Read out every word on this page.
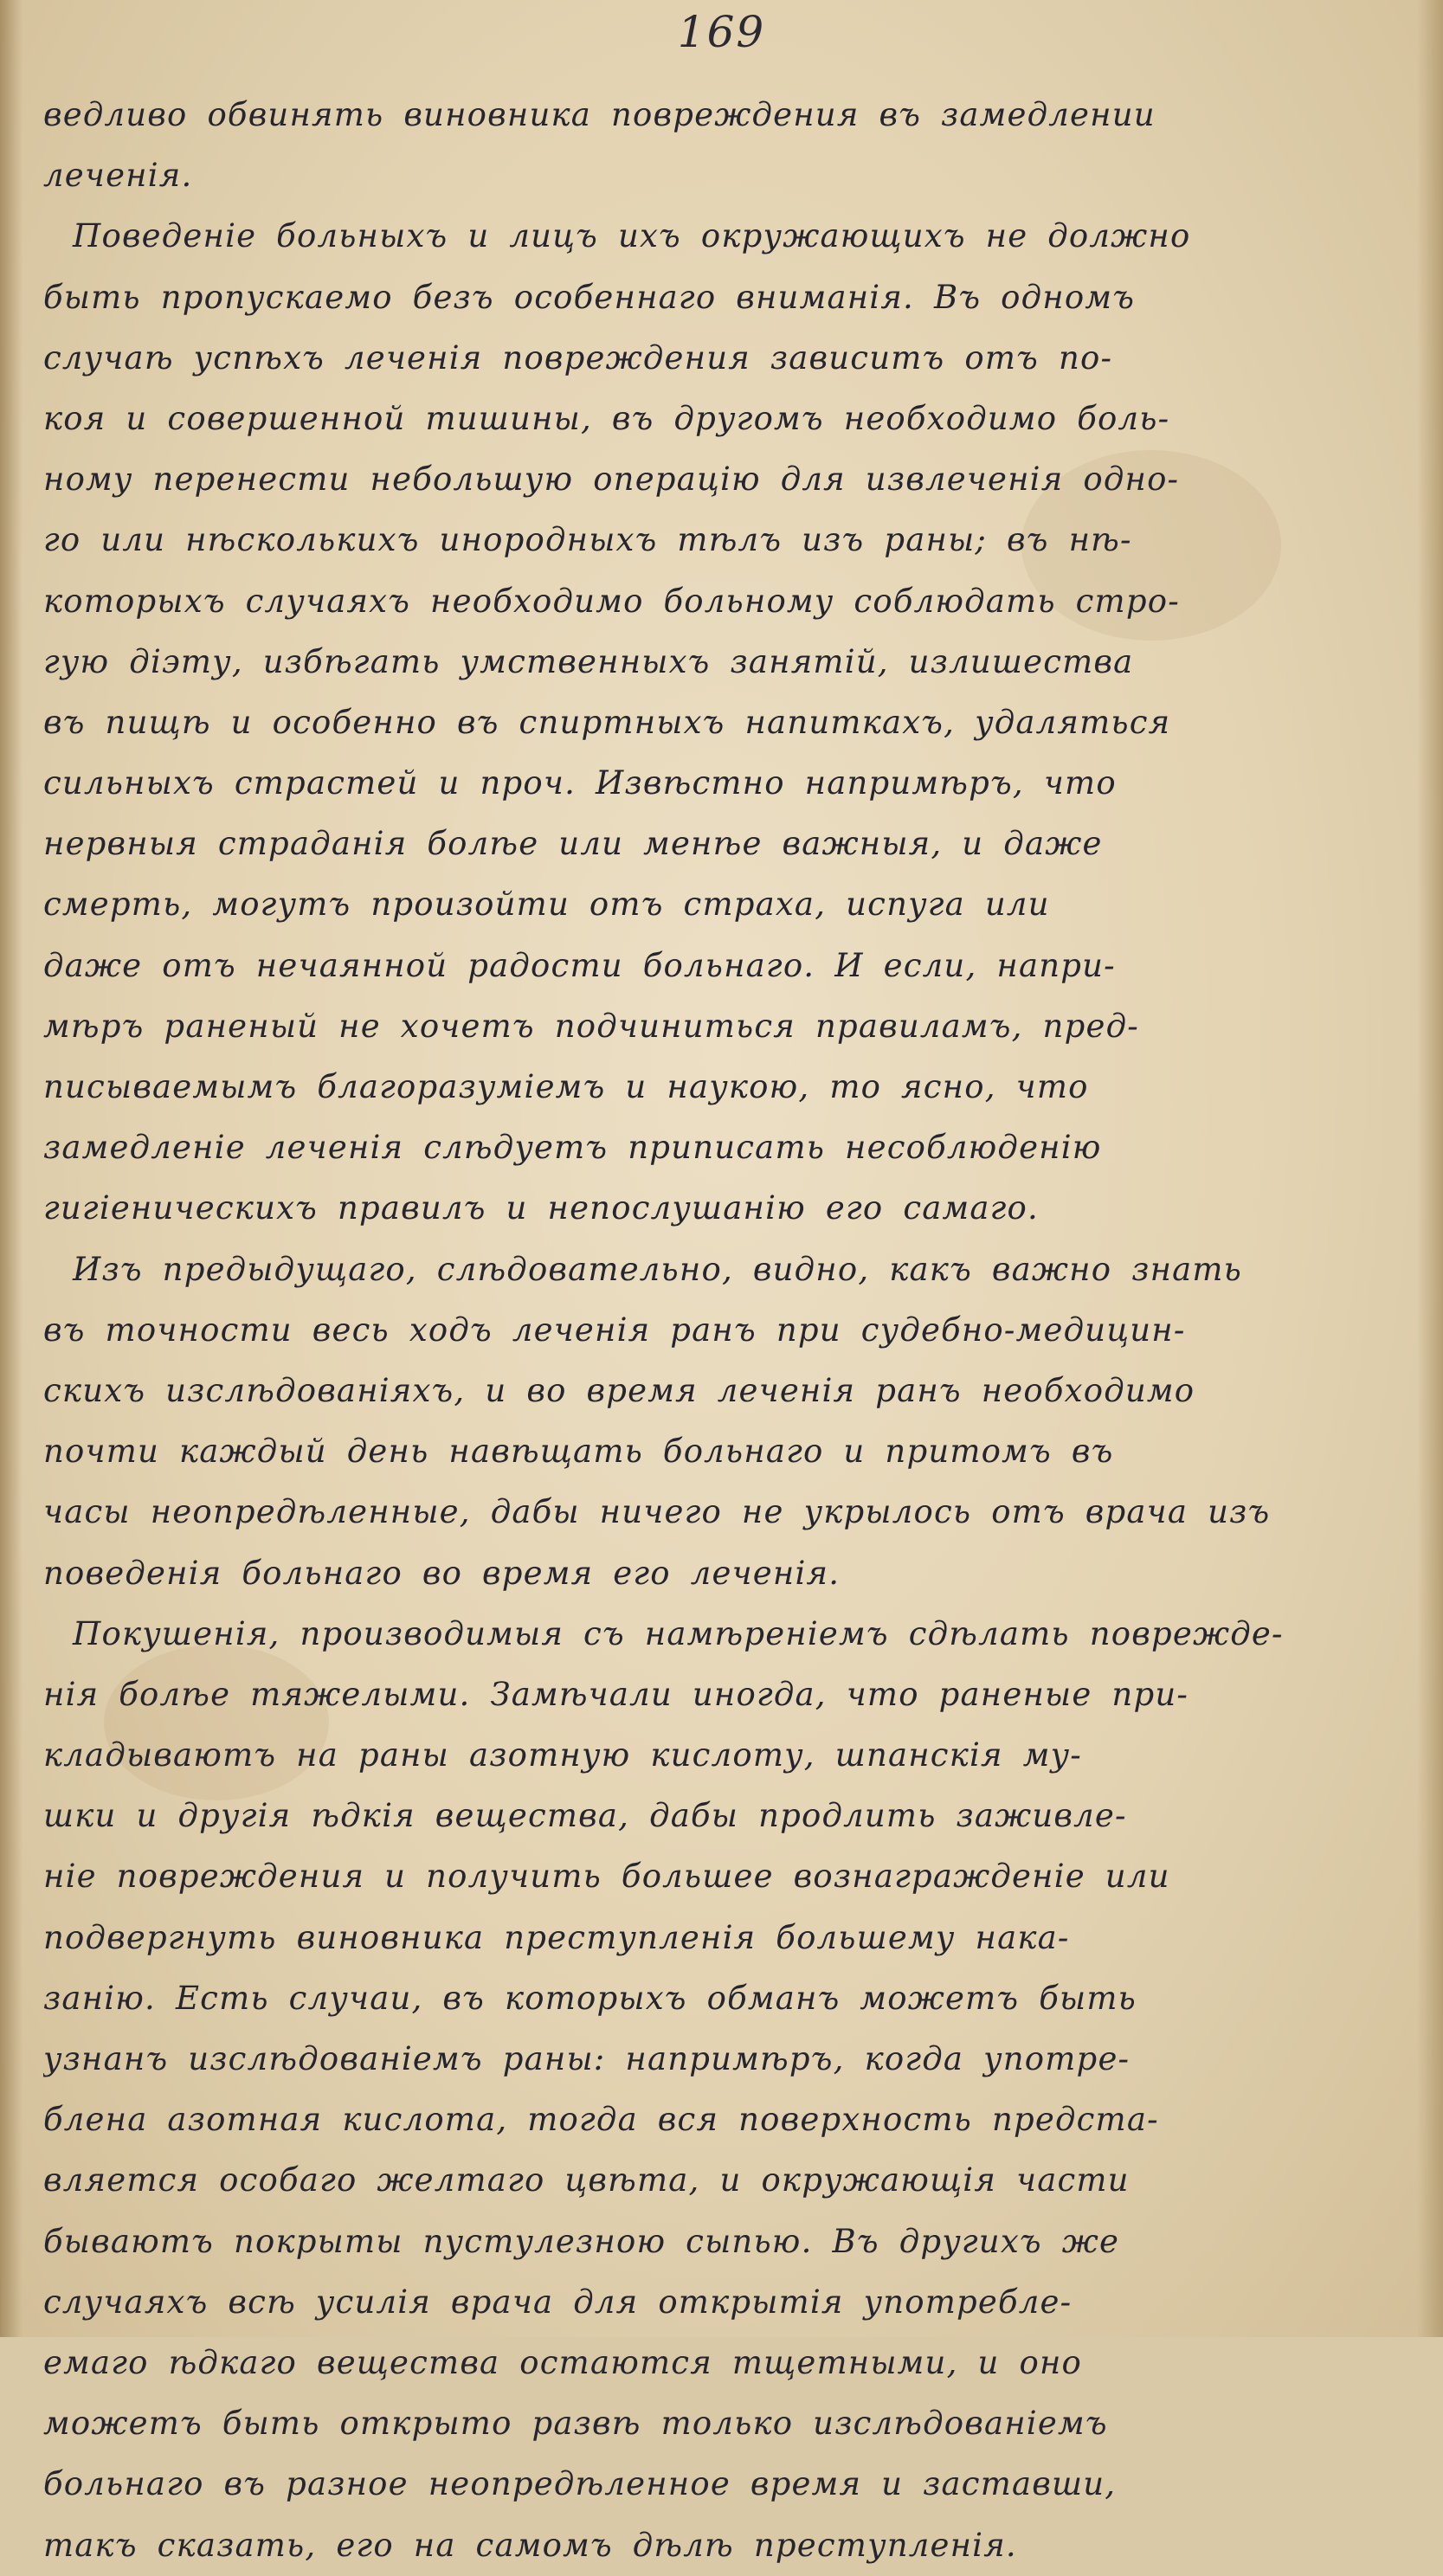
169
ведливо обвинять виновника повреждения въ замедлении
леченія.
Поведеніе больныхъ и лицъ ихъ окружающихъ не должно
быть пропускаемо безъ особеннаго вниманія. Въ одномъ
случаѣ успѣхъ леченія повреждения зависитъ отъ по-
коя и совершенной тишины, въ другомъ необходимо боль-
ному перенести небольшую операцію для извлеченія одно-
го или нѣсколькихъ инородныхъ тѣлъ изъ раны; въ нѣ-
которыхъ случаяхъ необходимо больному соблюдать стро-
гую діэту, избѣгать умственныхъ занятій, излишества
въ пищѣ и особенно въ спиртныхъ напиткахъ, удаляться
сильныхъ страстей и проч. Извѣстно напримѣръ, что
нервныя страданія болѣе или менѣе важныя, и даже
смерть, могутъ произойти отъ страха, испуга или
даже отъ нечаянной радости больнаго. И если, напри-
мѣръ раненый не хочетъ подчиниться правиламъ, пред-
писываемымъ благоразуміемъ и наукою, то ясно, что
замедленіе леченія слѣдуетъ приписать несоблюденію
гигіеническихъ правилъ и непослушанію его самаго.
Изъ предыдущаго, слѣдовательно, видно, какъ важно знать
въ точности весь ходъ леченія ранъ при судебно-медицин-
скихъ изслѣдованіяхъ, и во время леченія ранъ необходимо
почти каждый день навѣщать больнаго и притомъ въ
часы неопредѣленные, дабы ничего не укрылось отъ врача изъ
поведенія больнаго во время его леченія.
Покушенія, производимыя съ намѣреніемъ сдѣлать поврежде-
нія болѣе тяжелыми. Замѣчали иногда, что раненые при-
кладываютъ на раны азотную кислоту, шпанскія му-
шки и другія ѣдкія вещества, дабы продлить заживле-
ніе повреждения и получить большее вознагражденіе или
подвергнуть виновника преступленія большему нака-
занію. Есть случаи, въ которыхъ обманъ можетъ быть
узнанъ изслѣдованіемъ раны: напримѣръ, когда употре-
блена азотная кислота, тогда вся поверхность предста-
вляется особаго желтаго цвѣта, и окружающія части
бываютъ покрыты пустулезною сыпью. Въ другихъ же
случаяхъ всѣ усилія врача для открытія употребле-
емаго ѣдкаго вещества остаются тщетными, и оно
можетъ быть открыто развѣ только изслѣдованіемъ
больнаго въ разное неопредѣленное время и заставши,
такъ сказать, его на самомъ дѣлѣ преступленія.
